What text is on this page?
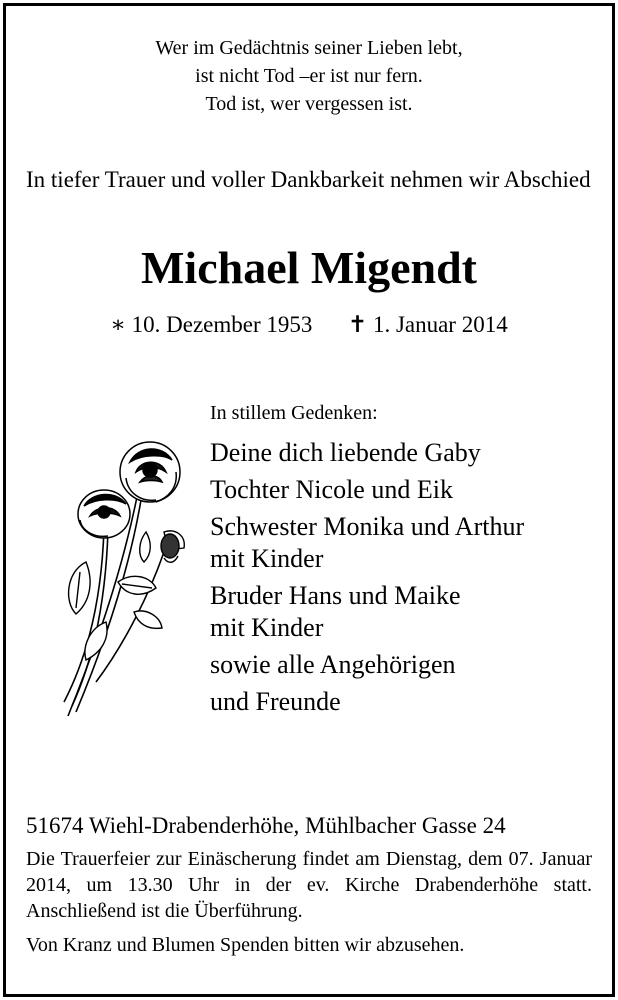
Wer im Gedächtnis seiner Lieben lebt,
ist nicht Tod –er ist nur fern.
Tod ist, wer vergessen ist.
In tiefer Trauer und voller Dankbarkeit nehmen wir Abschied
Michael Migendt
∗ 10. Dezember 1953 ✝ 1. Januar 2014
In stillem Gedenken:
Deine dich liebende Gaby
Tochter Nicole und Eik
Schwester Monika und Arthur
mit Kinder
Bruder Hans und Maike
mit Kinder
sowie alle Angehörigen
und Freunde
51674 Wiehl-Drabenderhöhe, Mühlbacher Gasse 24
Die Trauerfeier zur Einäscherung findet am Dienstag, dem 07. Januar 2014, um 13.30 Uhr in der ev. Kirche Drabenderhöhe statt. Anschließend ist die Überführung.
Von Kranz und Blumen Spenden bitten wir abzusehen.
